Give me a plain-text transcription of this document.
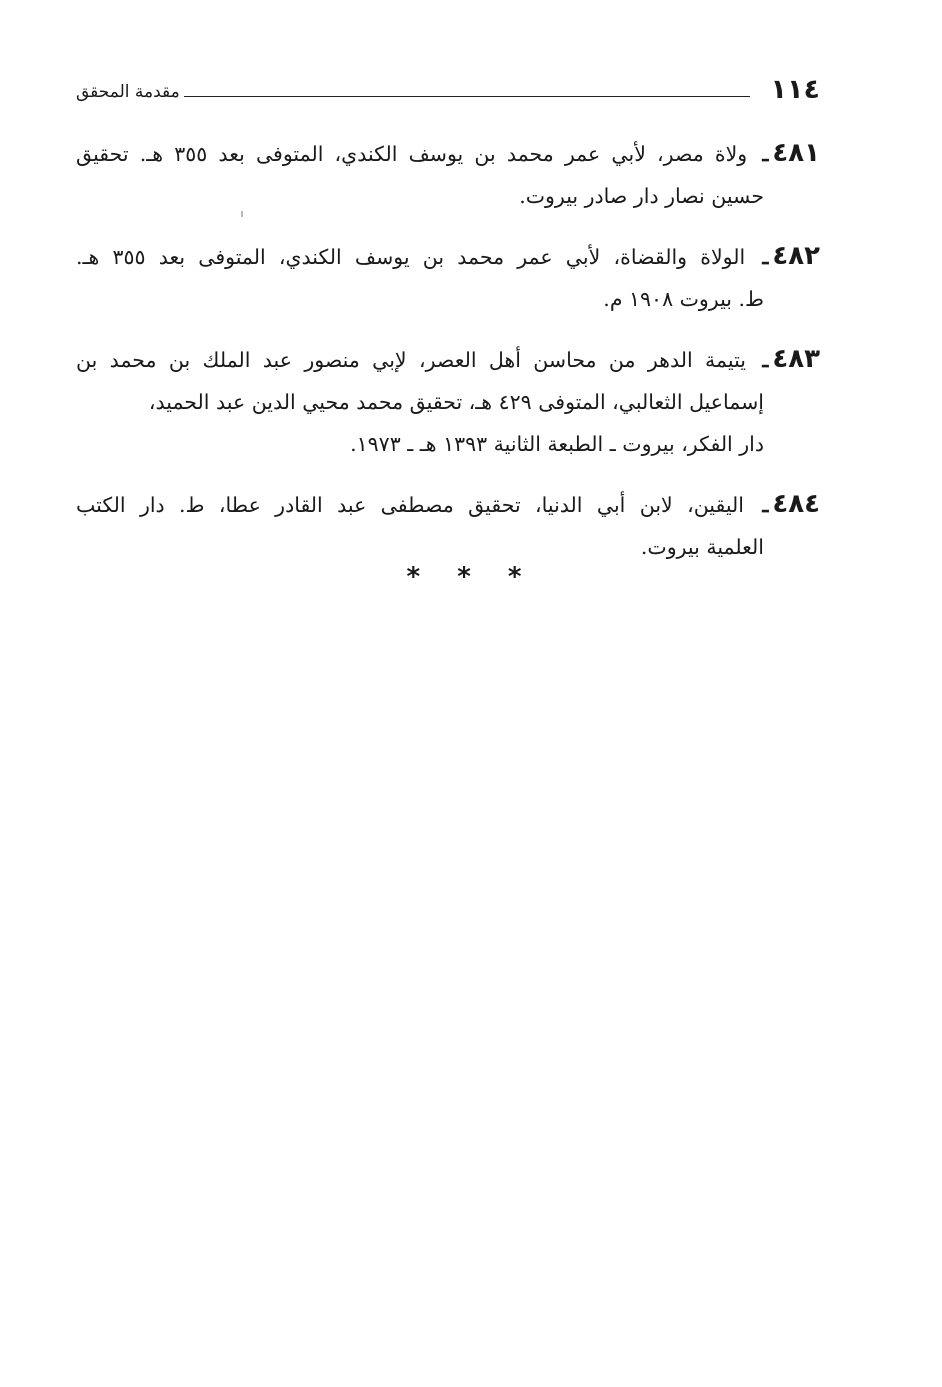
١١٤
مقدمة المحقق
٤٨١ـ ولاة مصر، لأبي عمر محمد بن يوسف الكندي، المتوفى بعد ٣٥٥ هـ. تحقيق
حسين نصار دار صادر بيروت.
٤٨٢ـ الولاة والقضاة، لأبي عمر محمد بن يوسف الكندي، المتوفى بعد ٣٥٥ هـ.
ط. بيروت ١٩٠٨ م.
٤٨٣ـ يتيمة الدهر من محاسن أهل العصر، لإبي منصور عبد الملك بن محمد بن
إسماعيل الثعالبي، المتوفى ٤٢٩ هـ، تحقيق محمد محيي الدين عبد الحميد،
دار الفكر، بيروت ـ الطبعة الثانية ١٣٩٣ هـ ـ ١٩٧٣.
٤٨٤ـ اليقين، لابن أبي الدنيا، تحقيق مصطفى عبد القادر عطا، ط. دار الكتب
العلمية بيروت.
* * *
